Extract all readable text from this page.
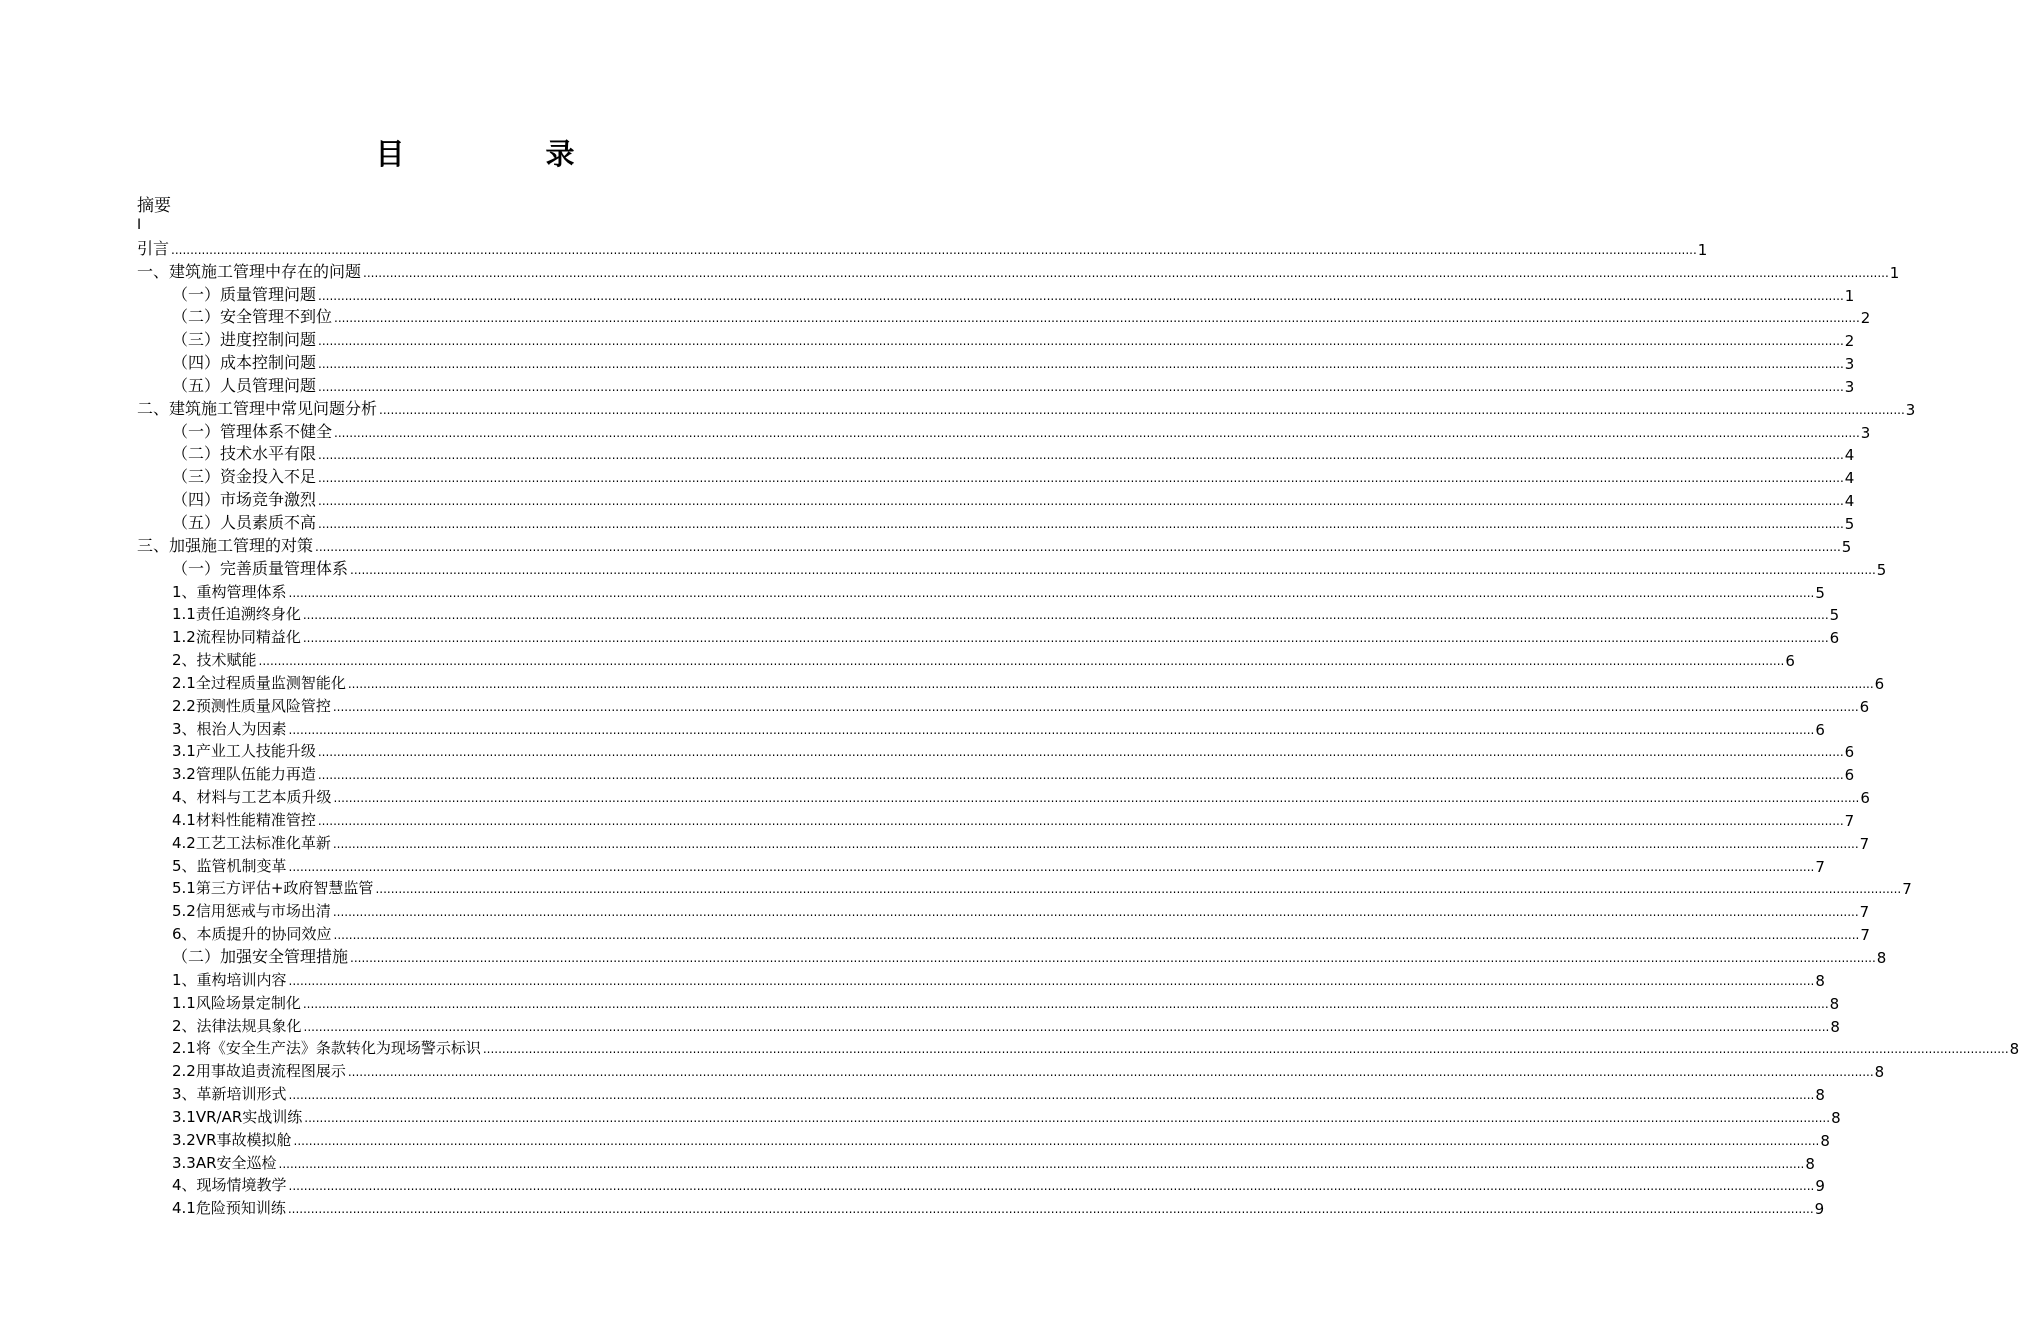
目　录
摘要
I
引言 ................................................................................................................................................................................................................................................................................................................................................................................................................ 1
一、建筑施工管理中存在的问题 ................................................................................................................................................................................................................................................................................................................................................................................................................ 1
（一）质量管理问题 ................................................................................................................................................................................................................................................................................................................................................................................................................ 1
（二）安全管理不到位 ................................................................................................................................................................................................................................................................................................................................................................................................................ 2
（三）进度控制问题 ................................................................................................................................................................................................................................................................................................................................................................................................................ 2
（四）成本控制问题 ................................................................................................................................................................................................................................................................................................................................................................................................................ 3
（五）人员管理问题 ................................................................................................................................................................................................................................................................................................................................................................................................................ 3
二、建筑施工管理中常见问题分析 ................................................................................................................................................................................................................................................................................................................................................................................................................ 3
（一）管理体系不健全 ................................................................................................................................................................................................................................................................................................................................................................................................................ 3
（二）技术水平有限 ................................................................................................................................................................................................................................................................................................................................................................................................................ 4
（三）资金投入不足 ................................................................................................................................................................................................................................................................................................................................................................................................................ 4
（四）市场竞争激烈 ................................................................................................................................................................................................................................................................................................................................................................................................................ 4
（五）人员素质不高 ................................................................................................................................................................................................................................................................................................................................................................................................................ 5
三、加强施工管理的对策 ................................................................................................................................................................................................................................................................................................................................................................................................................ 5
（一）完善质量管理体系 ................................................................................................................................................................................................................................................................................................................................................................................................................ 5
1、重构管理体系 ................................................................................................................................................................................................................................................................................................................................................................................................................ 5
1.1责任追溯终身化 ................................................................................................................................................................................................................................................................................................................................................................................................................ 5
1.2流程协同精益化 ................................................................................................................................................................................................................................................................................................................................................................................................................ 6
2、技术赋能 ................................................................................................................................................................................................................................................................................................................................................................................................................ 6
2.1全过程质量监测智能化 ................................................................................................................................................................................................................................................................................................................................................................................................................ 6
2.2预测性质量风险管控 ................................................................................................................................................................................................................................................................................................................................................................................................................ 6
3、根治人为因素 ................................................................................................................................................................................................................................................................................................................................................................................................................ 6
3.1产业工人技能升级 ................................................................................................................................................................................................................................................................................................................................................................................................................ 6
3.2管理队伍能力再造 ................................................................................................................................................................................................................................................................................................................................................................................................................ 6
4、材料与工艺本质升级 ................................................................................................................................................................................................................................................................................................................................................................................................................ 6
4.1材料性能精准管控 ................................................................................................................................................................................................................................................................................................................................................................................................................ 7
4.2工艺工法标准化革新 ................................................................................................................................................................................................................................................................................................................................................................................................................ 7
5、监管机制变革 ................................................................................................................................................................................................................................................................................................................................................................................................................ 7
5.1第三方评估+政府智慧监管 ................................................................................................................................................................................................................................................................................................................................................................................................................ 7
5.2信用惩戒与市场出清 ................................................................................................................................................................................................................................................................................................................................................................................................................ 7
6、本质提升的协同效应 ................................................................................................................................................................................................................................................................................................................................................................................................................ 7
（二）加强安全管理措施 ................................................................................................................................................................................................................................................................................................................................................................................................................ 8
1、重构培训内容 ................................................................................................................................................................................................................................................................................................................................................................................................................ 8
1.1风险场景定制化 ................................................................................................................................................................................................................................................................................................................................................................................................................ 8
2、法律法规具象化 ................................................................................................................................................................................................................................................................................................................................................................................................................ 8
2.1将《安全生产法》条款转化为现场警示标识 ................................................................................................................................................................................................................................................................................................................................................................................................................ 8
2.2用事故追责流程图展示 ................................................................................................................................................................................................................................................................................................................................................................................................................ 8
3、革新培训形式 ................................................................................................................................................................................................................................................................................................................................................................................................................ 8
3.1VR/AR实战训练 ................................................................................................................................................................................................................................................................................................................................................................................................................ 8
3.2VR事故模拟舱 ................................................................................................................................................................................................................................................................................................................................................................................................................ 8
3.3AR安全巡检 ................................................................................................................................................................................................................................................................................................................................................................................................................ 8
4、现场情境教学 ................................................................................................................................................................................................................................................................................................................................................................................................................ 9
4.1危险预知训练 ................................................................................................................................................................................................................................................................................................................................................................................................................ 9
